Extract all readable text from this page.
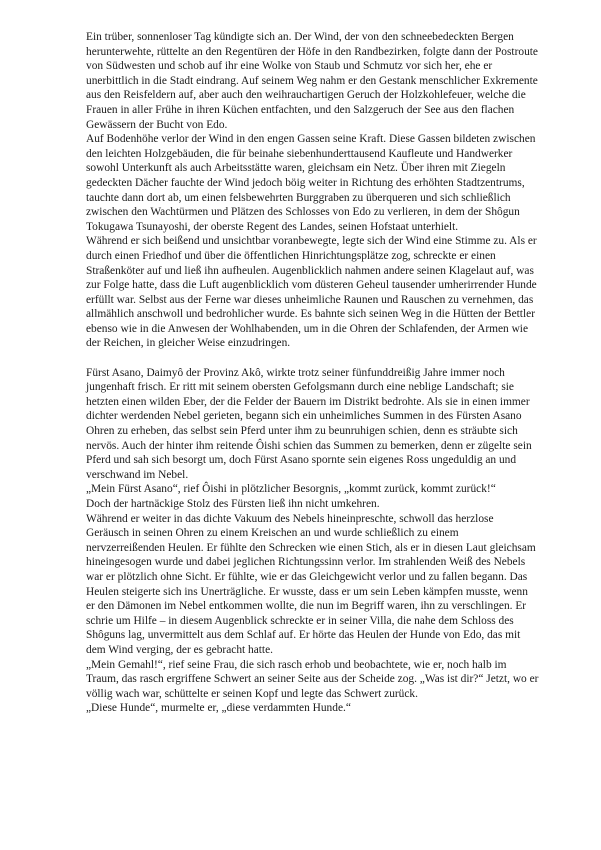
Ein trüber, sonnenloser Tag kündigte sich an. Der Wind, der von den schneebedeckten Bergen herunterwehte, rüttelte an den Regentüren der Höfe in den Randbezirken, folgte dann der Postroute von Südwesten und schob auf ihr eine Wolke von Staub und Schmutz vor sich her, ehe er unerbittlich in die Stadt eindrang. Auf seinem Weg nahm er den Gestank menschlicher Exkremente aus den Reisfeldern auf, aber auch den weihrauchartigen Geruch der Holzkohlefeuer, welche die Frauen in aller Frühe in ihren Küchen entfachten, und den Salzgeruch der See aus den flachen Gewässern der Bucht von Edo.

Auf Bodenhöhe verlor der Wind in den engen Gassen seine Kraft. Diese Gassen bildeten zwischen den leichten Holzgebäuden, die für beinahe siebenhunderttausend Kaufleute und Handwerker sowohl Unterkunft als auch Arbeitsstätte waren, gleichsam ein Netz. Über ihren mit Ziegeln gedeckten Dächer fauchte der Wind jedoch böig weiter in Richtung des erhöhten Stadtzentrums, tauchte dann dort ab, um einen felsbewehrten Burggraben zu überqueren und sich schließlich zwischen den Wachtürmen und Plätzen des Schlosses von Edo zu verlieren, in dem der Shôgun Tokugawa Tsunayoshi, der oberste Regent des Landes, seinen Hofstaat unterhielt.

Während er sich beißend und unsichtbar voranbewegte, legte sich der Wind eine Stimme zu. Als er durch einen Friedhof und über die öffentlichen Hinrichtungsplätze zog, schreckte er einen Straßenköter auf und ließ ihn aufheulen. Augenblicklich nahmen andere seinen Klagelaut auf, was zur Folge hatte, dass die Luft augenblicklich vom düsteren Geheul tausender umherirrender Hunde erfüllt war. Selbst aus der Ferne war dieses unheimliche Raunen und Rauschen zu vernehmen, das allmählich anschwoll und bedrohlicher wurde. Es bahnte sich seinen Weg in die Hütten der Bettler ebenso wie in die Anwesen der Wohlhabenden, um in die Ohren der Schlafenden, der Armen wie der Reichen, in gleicher Weise einzudringen.

Fürst Asano, Daimyô der Provinz Akô, wirkte trotz seiner fünfunddreißig Jahre immer noch jungenhaft frisch. Er ritt mit seinem obersten Gefolgsmann durch eine neblige Landschaft; sie hetzten einen wilden Eber, der die Felder der Bauern im Distrikt bedrohte. Als sie in einen immer dichter werdenden Nebel gerieten, begann sich ein unheimliches Summen in des Fürsten Asano Ohren zu erheben, das selbst sein Pferd unter ihm zu beunruhigen schien, denn es sträubte sich nervös. Auch der hinter ihm reitende Ôishi schien das Summen zu bemerken, denn er zügelte sein Pferd und sah sich besorgt um, doch Fürst Asano spornte sein eigenes Ross ungeduldig an und verschwand im Nebel.

„Mein Fürst Asano“, rief Ôishi in plötzlicher Besorgnis, „kommt zurück, kommt zurück!“

Doch der hartnäckige Stolz des Fürsten ließ ihn nicht umkehren.

Während er weiter in das dichte Vakuum des Nebels hineinpreschte, schwoll das herzlose Geräusch in seinen Ohren zu einem Kreischen an und wurde schließlich zu einem nervzerreißenden Heulen. Er fühlte den Schrecken wie einen Stich, als er in diesen Laut gleichsam hineingesogen wurde und dabei jeglichen Richtungssinn verlor. Im strahlenden Weiß des Nebels war er plötzlich ohne Sicht. Er fühlte, wie er das Gleichgewicht verlor und zu fallen begann. Das Heulen steigerte sich ins Unerträgliche. Er wusste, dass er um sein Leben kämpfen musste, wenn er den Dämonen im Nebel entkommen wollte, die nun im Begriff waren, ihn zu verschlingen. Er schrie um Hilfe – in diesem Augenblick schreckte er in seiner Villa, die nahe dem Schloss des Shôguns lag, unvermittelt aus dem Schlaf auf. Er hörte das Heulen der Hunde von Edo, das mit dem Wind verging, der es gebracht hatte.

„Mein Gemahl!“, rief seine Frau, die sich rasch erhob und beobachtete, wie er, noch halb im Traum, das rasch ergriffene Schwert an seiner Seite aus der Scheide zog. „Was ist dir?“ Jetzt, wo er völlig wach war, schüttelte er seinen Kopf und legte das Schwert zurück.

„Diese Hunde“, murmelte er, „diese verdammten Hunde.“
